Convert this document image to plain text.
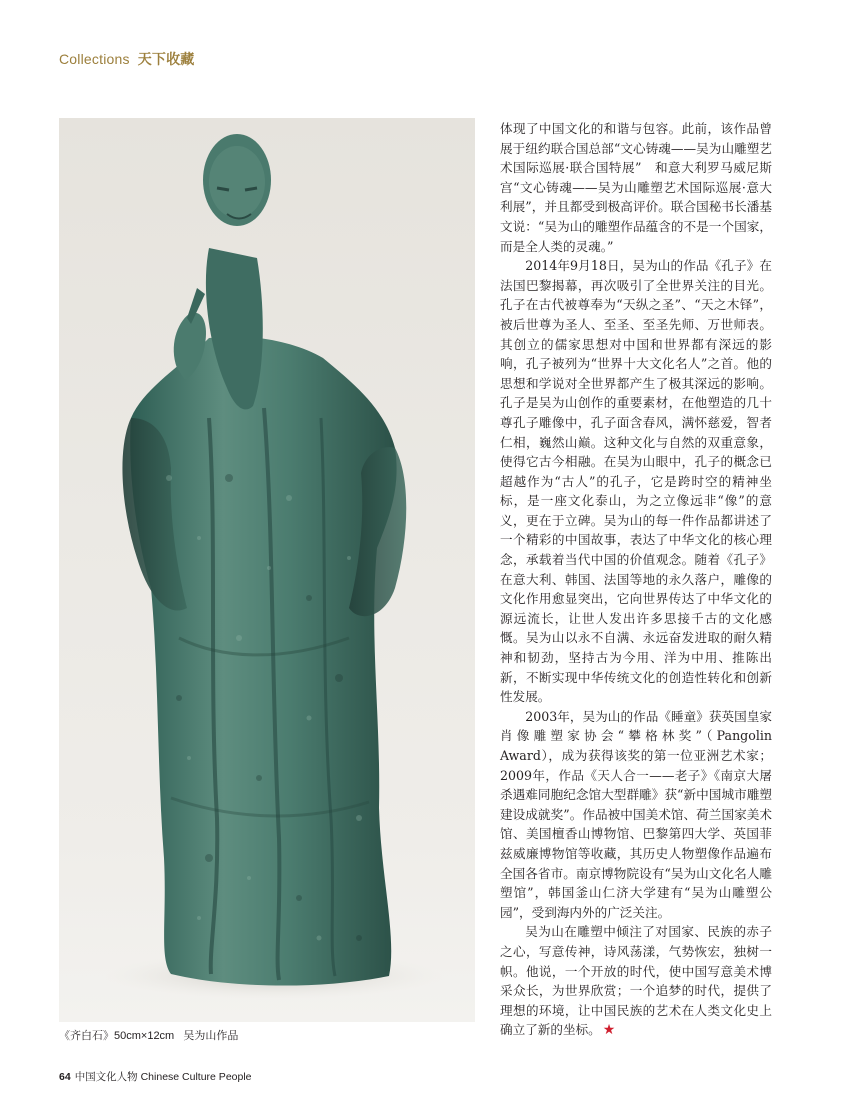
Collections 天下收藏
《齐白石》50cm×12cm   吴为山作品

体现了中国文化的和谐与包容。此前，该作品曾展于纽约联合国总部“文心铸魂——吴为山雕塑艺术国际巡展·联合国特展”　和意大利罗马威尼斯宫“文心铸魂——吴为山雕塑艺术国际巡展·意大利展”，并且都受到极高评价。联合国秘书长潘基文说：“吴为山的雕塑作品蕴含的不是一个国家，而是全人类的灵魂。”

2014年9月18日，吴为山的作品《孔子》在法国巴黎揭幕，再次吸引了全世界关注的目光。孔子在古代被尊奉为“天纵之圣”、“天之木铎”，被后世尊为圣人、至圣、至圣先师、万世师表。其创立的儒家思想对中国和世界都有深远的影响，孔子被列为“世界十大文化名人”之首。他的思想和学说对全世界都产生了极其深远的影响。孔子是吴为山创作的重要素材，在他塑造的几十尊孔子雕像中，孔子面含春风，满怀慈爱，智者仁相，巍然山巅。这种文化与自然的双重意象，使得它古今相融。在吴为山眼中，孔子的概念已超越作为“古人”的孔子，它是跨时空的精神坐标，是一座文化泰山，为之立像远非“像”的意义，更在于立碑。吴为山的每一件作品都讲述了一个精彩的中国故事，表达了中华文化的核心理念，承载着当代中国的价值观念。随着《孔子》在意大利、韩国、法国等地的永久落户，雕像的文化作用愈显突出，它向世界传达了中华文化的源远流长，让世人发出许多思接千古的文化感慨。吴为山以永不自满、永远奋发进取的耐久精神和韧劲，坚持古为今用、洋为中用、推陈出新，不断实现中华传统文化的创造性转化和创新性发展。

2003年，吴为山的作品《睡童》获英国皇家肖像雕塑家协会“攀格林奖”（Pangolin Award），成为获得该奖的第一位亚洲艺术家；2009年，作品《天人合一——老子》《南京大屠杀遇难同胞纪念馆大型群雕》获“新中国城市雕塑建设成就奖”。作品被中国美术馆、荷兰国家美术馆、美国檀香山博物馆、巴黎第四大学、英国菲兹威廉博物馆等收藏，其历史人物塑像作品遍布全国各省市。南京博物院设有“吴为山文化名人雕塑馆”，韩国釜山仁济大学建有“吴为山雕塑公园”，受到海内外的广泛关注。

吴为山在雕塑中倾注了对国家、民族的赤子之心，写意传神，诗风荡漾，气势恢宏，独树一帜。他说，一个开放的时代，使中国写意美术博采众长，为世界欣赏；一个追梦的时代，提供了理想的环境，让中国民族的艺术在人类文化史上确立了新的坐标。 ★

64 中国文化人物 Chinese Culture People
